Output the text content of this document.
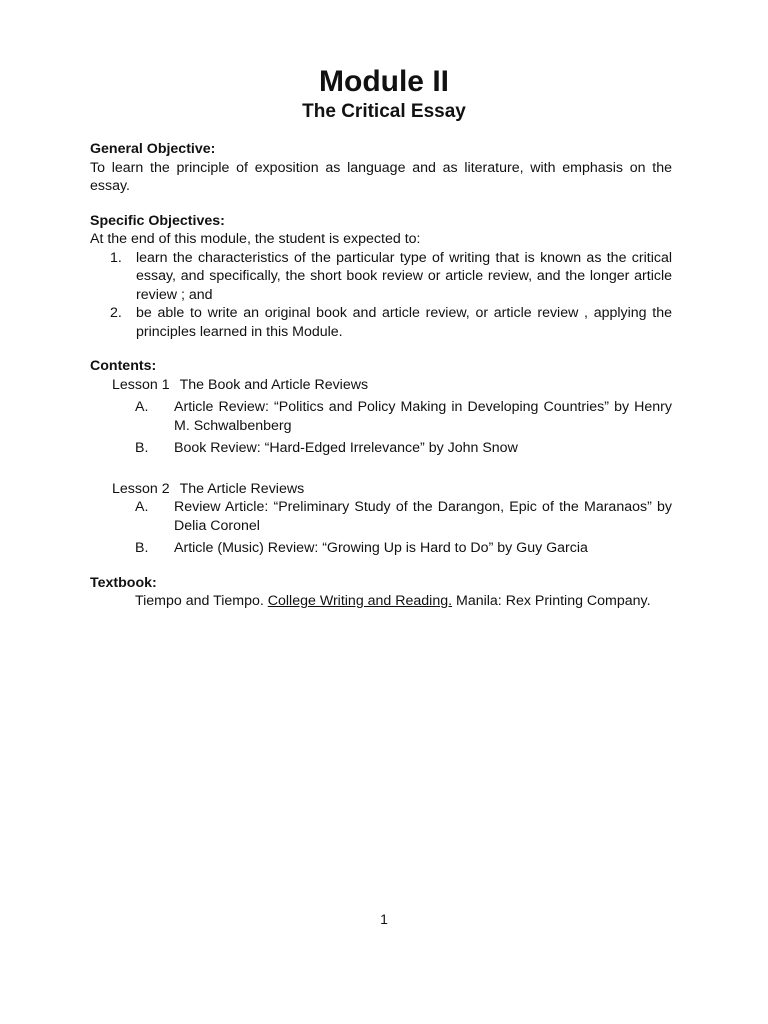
Module II
The Critical Essay
General Objective:
To learn the principle of exposition as language and as literature, with emphasis on the essay.
Specific Objectives:
At the end of this module, the student is expected to:
1. learn the characteristics of the particular type of writing that is known as the critical essay, and specifically, the short book review or article review, and the longer article review ; and
2. be able to write an original book and article review, or article review , applying the principles learned in this Module.
Contents:
Lesson 1 The Book and Article Reviews
A. Article Review: “Politics and Policy Making in Developing Countries” by Henry M. Schwalbenberg
B. Book Review: “Hard-Edged Irrelevance” by John Snow
Lesson 2 The Article Reviews
A. Review Article: “Preliminary Study of the Darangon, Epic of the Maranaos” by Delia Coronel
B. Article (Music) Review: “Growing Up is Hard to Do” by Guy Garcia
Textbook:
Tiempo and Tiempo. College Writing and Reading. Manila: Rex Printing Company.
1
